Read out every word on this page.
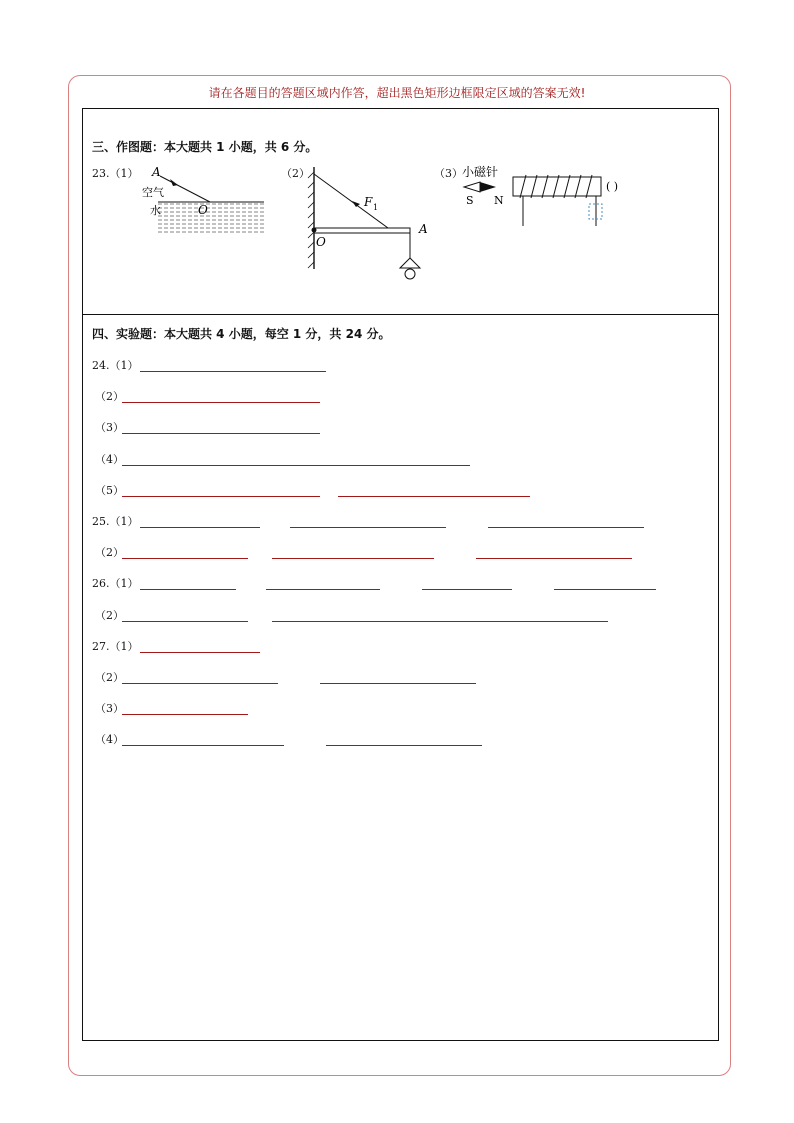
请在各题目的答题区域内作答，超出黑色矩形边框限定区域的答案无效!
三、作图题：本大题共 1 小题，共 6 分。
23.（1） A
空气
水	O
（2）
F 1
A
O
（3） 小磁针
S N
( )
四、实验题：本大题共 4 小题，每空 1 分，共 24 分。
24.（1）
（2）
（3）
（4）
（5）
25.（1）
（2）
26.（1）
（2）
27.（1）
（2）
（3）
（4）
